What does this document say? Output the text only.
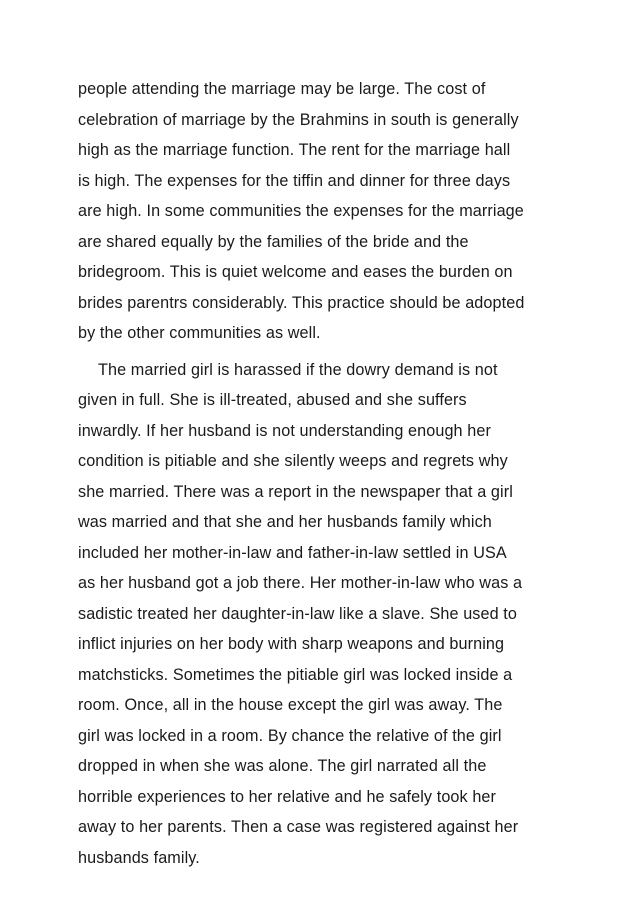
people attending the marriage may be large. The cost of
celebration of marriage by the Brahmins in south is generally
high as the marriage function. The rent for the marriage hall
is high. The expenses for the tiffin and dinner for three days
are high. In some communities the expenses for the marriage
are shared equally by the families of the bride and the
bridegroom. This is quiet welcome and eases the burden on
brides parentrs considerably. This practice should be adopted
by the other communities as well.
The married girl is harassed if the dowry demand is not
given in full. She is ill-treated, abused and she suffers
inwardly. If her husband is not understanding enough her
condition is pitiable and she silently weeps and regrets why
she married. There was a report in the newspaper that a girl
was married and that she and her husbands family which
included her mother-in-law and father-in-law settled in USA
as her husband got a job there. Her mother-in-law who was a
sadistic treated her daughter-in-law like a slave. She used to
inflict injuries on her body with sharp weapons and burning
matchsticks. Sometimes the pitiable girl was locked inside a
room. Once, all in the house except the girl was away. The
girl was locked in a room. By chance the relative of the girl
dropped in when she was alone. The girl narrated all the
horrible experiences to her relative and he safely took her
away to her parents. Then a case was registered against her
husbands family.
